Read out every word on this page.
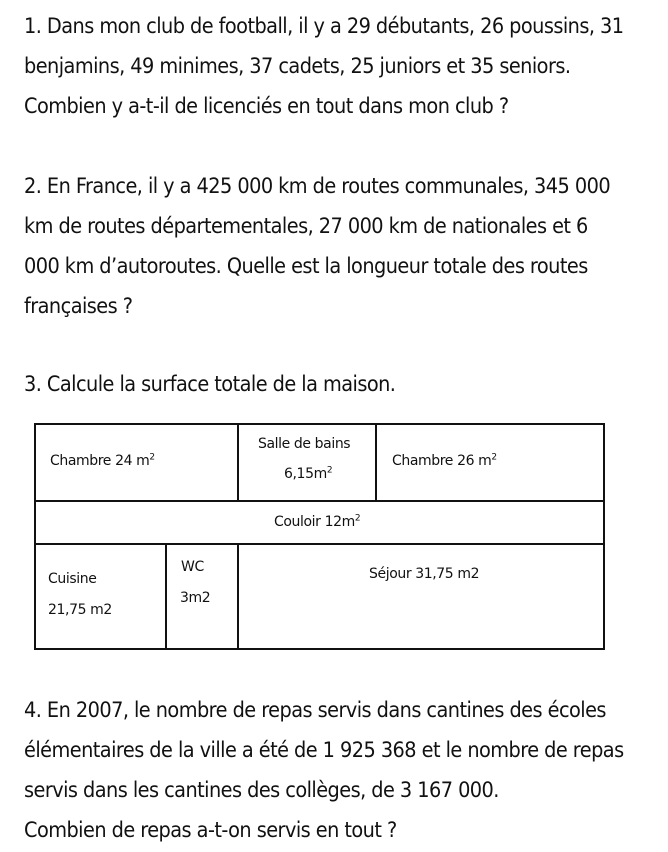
1. Dans mon club de football, il y a 29 débutants, 26 poussins, 31
benjamins, 49 minimes, 37 cadets, 25 juniors et 35 seniors.
Combien y a-t-il de licenciés en tout dans mon club ?
2. En France, il y a 425 000 km de routes communales, 345 000
km de routes départementales, 27 000 km de nationales et 6
000 km d’autoroutes. Quelle est la longueur totale des routes
françaises ?
3. Calcule la surface totale de la maison.
Chambre 24 $m^2$
Salle de bains
$6,15m^2$
Chambre 26 $m^2$
Couloir $12m^2$
Cuisine
21,75 m2
WC
3m2
Séjour 31,75 m2
4. En 2007, le nombre de repas servis dans cantines des écoles
élémentaires de la ville a été de 1 925 368 et le nombre de repas
servis dans les cantines des collèges, de 3 167 000.
Combien de repas a-t-on servis en tout ?
